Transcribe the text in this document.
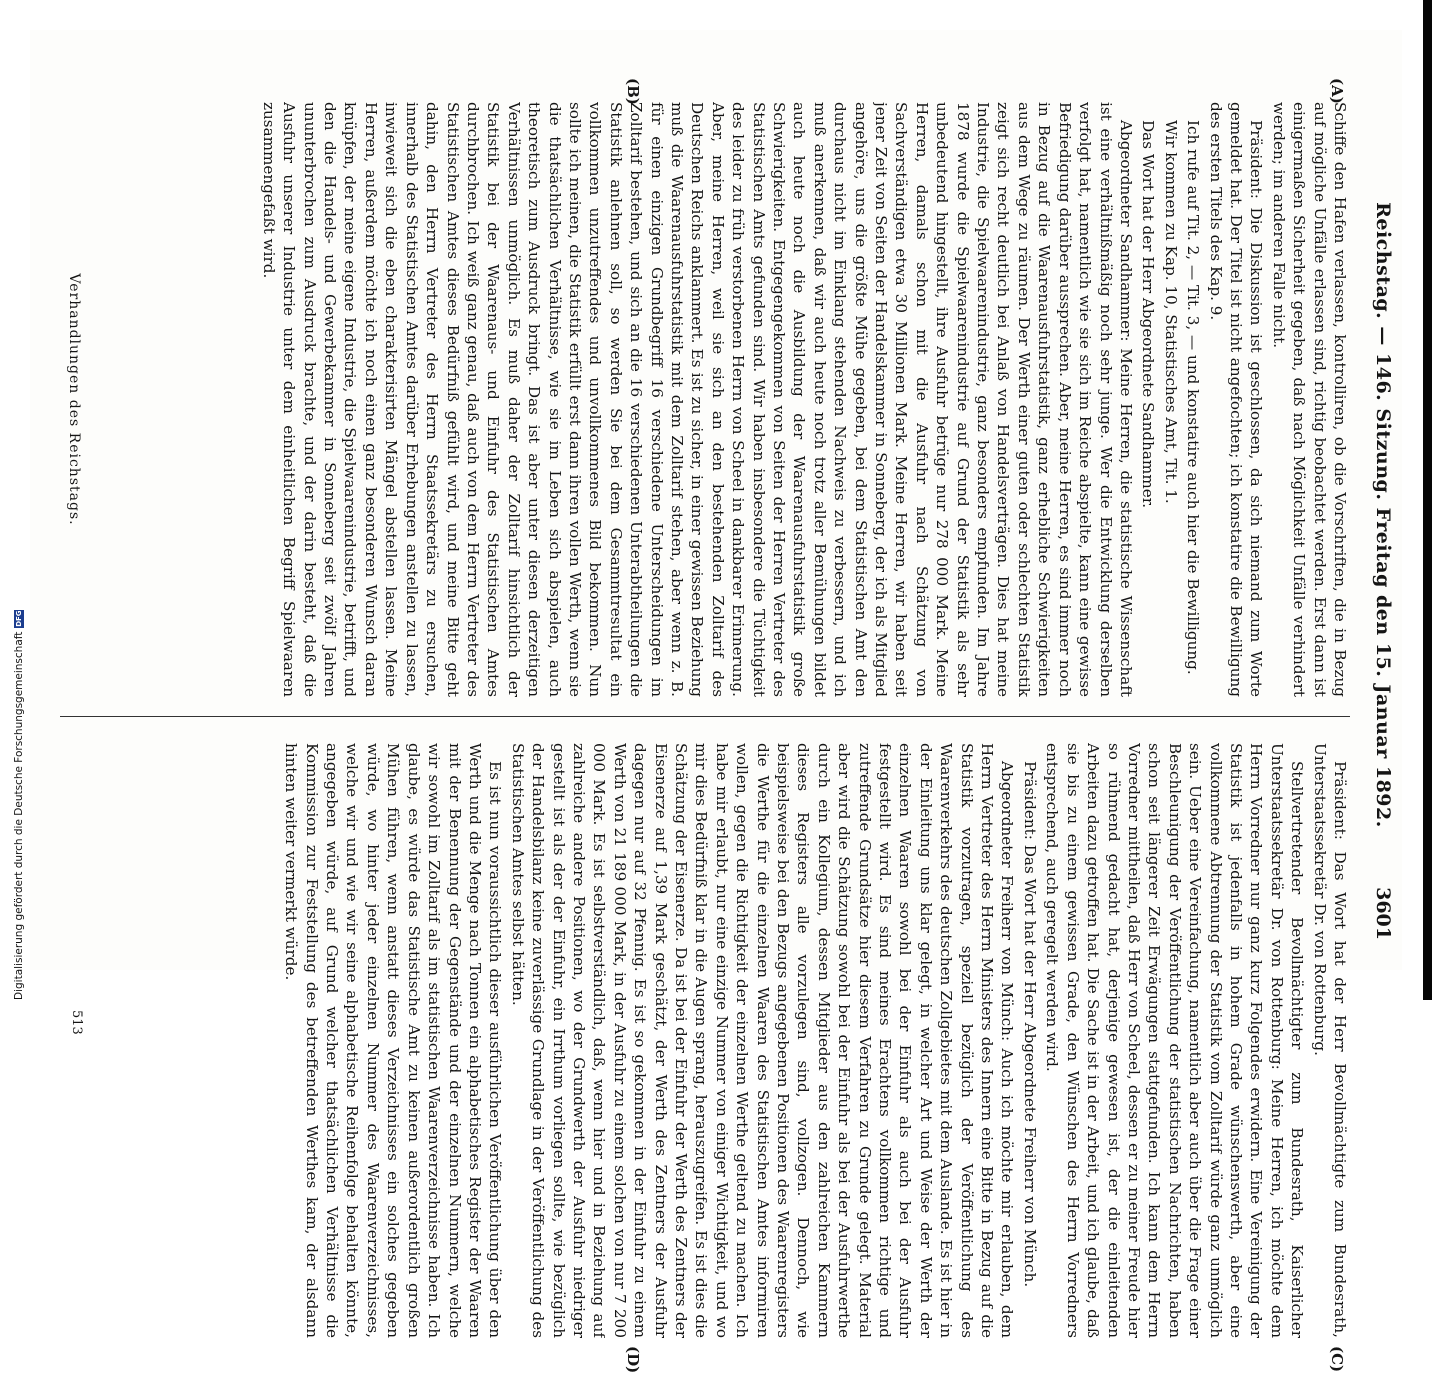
Reichstag. — 146. Sitzung. Freitag den 15. Januar 1892.
3601
(A)
(B)
(C)
(D)

Schiffe den Hafen verlassen, kontrolliren, ob die Vorschriften, die in Bezug auf mögliche Unfälle erlassen sind, richtig beobachtet werden. Erst dann ist einigermaßen Sicherheit gegeben, daß nach Möglichkeit Unfälle verhindert werden; im anderen Falle nicht.

Präsident: Die Diskussion ist geschlossen, da sich niemand zum Worte gemeldet hat. Der Titel ist nicht angefochten; ich konstatire die Bewilligung des ersten Titels des Kap. 9.

Ich rufe auf Tit. 2, — Tit. 3, — und konstatire auch hier die Bewilligung.

Wir kommen zu Kap. 10, Statistisches Amt, Tit. 1.

Das Wort hat der Herr Abgeordnete Sandhammer.

Abgeordneter Sandhammer: Meine Herren, die statistische Wissenschaft ist eine verhältnißmäßig noch sehr junge. Wer die Entwicklung derselben verfolgt hat, namentlich wie sie sich im Reiche abspielte, kann eine gewisse Befriedigung darüber aussprechen. Aber, meine Herren, es sind immer noch in Bezug auf die Waarenausfuhrstatistik, ganz erhebliche Schwierigkeiten aus dem Wege zu räumen. Der Werth einer guten oder schlechten Statistik zeigt sich recht deutlich bei Anlaß von Handelsverträgen. Dies hat meine Industrie, die Spielwaarenindustrie, ganz besonders empfunden. Im Jahre 1878 wurde die Spielwaarenindustrie auf Grund der Statistik als sehr unbedeutend hingestellt, ihre Ausfuhr betrüge nur 278 000 Mark. Meine Herren, damals schon mit die Ausfuhr nach Schätzung von Sachverständigen etwa 30 Millionen Mark. Meine Herren, wir haben seit jener Zeit von Seiten der Handelskammer in Sonneberg, der ich als Mitglied angehöre, uns die größte Mühe gegeben, bei dem Statistischen Amt den durchaus nicht im Einklang stehenden Nachweis zu verbessern, und ich muß anerkennen, daß wir auch heute noch trotz aller Bemühungen bildet auch heute noch die Ausbildung der Waarenausfuhrstatistik große Schwierigkeiten. Entgegengekommen von Seiten der Herren Vertreter des Statistischen Amts gefunden sind. Wir haben insbesondere die Tüchtigkeit des leider zu früh verstorbenen Herrn von Scheel in dankbarer Erinnerung. Aber, meine Herren, weil sie sich an den bestehenden Zolltarif des Deutschen Reichs anklammert. Es ist zu sicher, in einer gewissen Beziehung muß die Waarenausfuhrstatistik mit dem Zolltarif stehen, aber wenn z. B. für einen einzigen Grundbegriff 16 verschiedene Unterscheidungen im Zolltarif bestehen, und sich an die 16 verschiedenen Unterabtheilungen die Statistik anlehnen soll, so werden Sie bei dem Gesammtresultat ein vollkommen unzutreffendes und unvollkommenes Bild bekommen. Nun sollte ich meinen, die Statistik erfüllt erst dann ihren vollen Werth, wenn sie die thatsächlichen Verhältnisse, wie sie im Leben sich abspielen, auch theoretisch zum Ausdruck bringt. Das ist aber unter diesen derzeitigen Verhältnissen unmöglich. Es muß daher der Zolltarif hinsichtlich der Statistik bei der Waarenaus- und Einfuhr des Statistischen Amtes durchbrochen. Ich weiß ganz genau, daß auch von dem Herrn Vertreter des Statistischen Amtes dieses Bedürfniß gefühlt wird, und meine Bitte geht dahin, den Herrn Vertreter des Herrn Staatssekretärs zu ersuchen, innerhalb des Statistischen Amtes darüber Erhebungen anstellen zu lassen, inwieweit sich die eben charakterisirten Mängel abstellen lassen. Meine Herren, außerdem möchte ich noch einen ganz besonderen Wunsch daran knüpfen, der meine eigene Industrie, die Spielwaarenindustrie, betrifft, und den die Handels- und Gewerbekammer in Sonneberg seit zwölf Jahren ununterbrochen zum Ausdruck brachte, und der darin besteht, daß die Ausfuhr unserer Industrie unter dem einheitlichen Begriff Spielwaaren zusammengefaßt wird.

Präsident: Das Wort hat der Herr Bevollmächtigte zum Bundesrath, Unterstaatssekretär Dr. von Rottenburg.

Stellvertretender Bevollmächtigter zum Bundesrath, Kaiserlicher Unterstaatssekretär Dr. von Rottenburg: Meine Herren, ich möchte dem Herrn Vorredner nur ganz kurz Folgendes erwidern. Eine Vereinigung der Statistik ist jedenfalls in hohem Grade wünschenswerth, aber eine vollkommene Abtrennung der Statistik vom Zolltarif würde ganz unmöglich sein. Ueber eine Vereinfachung, namentlich aber auch über die Frage einer Beschleunigung der Veröffentlichung der statistischen Nachrichten, haben schon seit längerer Zeit Erwägungen stattgefunden. Ich kann dem Herrn Vorredner mittheilen, daß Herr von Scheel, dessen er zu meiner Freude hier so rühmend gedacht hat, derjenige gewesen ist, der die einleitenden Arbeiten dazu getroffen hat. Die Sache ist in der Arbeit, und ich glaube, daß sie bis zu einem gewissen Grade, den Wünschen des Herrn Vorredners entsprechend, auch geregelt werden wird.

Präsident: Das Wort hat der Herr Abgeordnete Freiherr von Münch.

Abgeordneter Freiherr von Münch: Auch ich möchte mir erlauben, dem Herrn Vertreter des Herrn Ministers des Innern eine Bitte in Bezug auf die Statistik vorzutragen, speziell bezüglich der Veröffentlichung des Waarenverkehrs des deutschen Zollgebietes mit dem Auslande. Es ist hier in der Einleitung uns klar gelegt, in welcher Art und Weise der Werth der einzelnen Waaren sowohl bei der Einfuhr als auch bei der Ausfuhr festgestellt wird. Es sind meines Erachtens vollkommen richtige und zutreffende Grundsätze hier diesem Verfahren zu Grunde gelegt. Material aber wird die Schätzung sowohl bei der Einfuhr als bei der Ausfuhrwerthe durch ein Kollegium, dessen Mitglieder aus den zahlreichen Kammern dieses Registers alle vorzulegen sind, vollzogen. Dennoch, wie beispielsweise bei den Bezugs angegebenen Positionen des Waarenregisters die Werthe für die einzelnen Waaren des Statistischen Amtes informiren wollen, gegen die Richtigkeit der einzelnen Werthe geltend zu machen. Ich habe mir erlaubt, nur eine einzige Nummer von einiger Wichtigkeit, und wo mir dies Bedürfniß klar in die Augen sprang, herauszugreifen. Es ist dies die Schätzung der Eisenerze. Da ist bei der Einfuhr der Werth des Zentners der Eisenerze auf 1,39 Mark geschätzt, der Werth des Zentners der Ausfuhr dagegen nur auf 32 Pfennig. Es ist so gekommen in der Einfuhr zu einem Werth von 21 189 000 Mark, in der Ausfuhr zu einem solchen von nur 7 200 000 Mark. Es ist selbstverständlich, daß, wenn hier und in Beziehung auf zahlreiche andere Positionen, wo der Grundwerth der Ausfuhr niedriger gestellt ist als der der Einfuhr, ein Irrthum vorliegen sollte, wie bezüglich der Handelsbilanz keine zuverlässige Grundlage in der Veröffentlichung des Statistischen Amtes selbst hätten.

Es ist nun voraussichtlich dieser ausführlichen Veröffentlichung über den Werth und die Menge nach Tonnen ein alphabetisches Register der Waaren mit der Benennung der Gegenstände und der einzelnen Nummern, welche wir sowohl im Zolltarif als im statistischen Waarenverzeichnisse haben. Ich glaube, es würde das Statistische Amt zu keinen außerordentlich großen Mühen führen, wenn anstatt dieses Verzeichnisses ein solches gegeben würde, wo hinter jeder einzelnen Nummer des Waarenverzeichnisses, welche wir und wie wir seine alphabetische Reihenfolge behalten könnte, angegeben würde, auf Grund welcher thatsächlichen Verhältnisse die Kommission zur Feststellung des betreffenden Werthes kam, der alsdann hinten weiter vermerkt würde.

Verhandlungen des Reichstags.
513
Digitalisierung gefördert durch die Deutsche ForschungsgemeinschaftDFG
